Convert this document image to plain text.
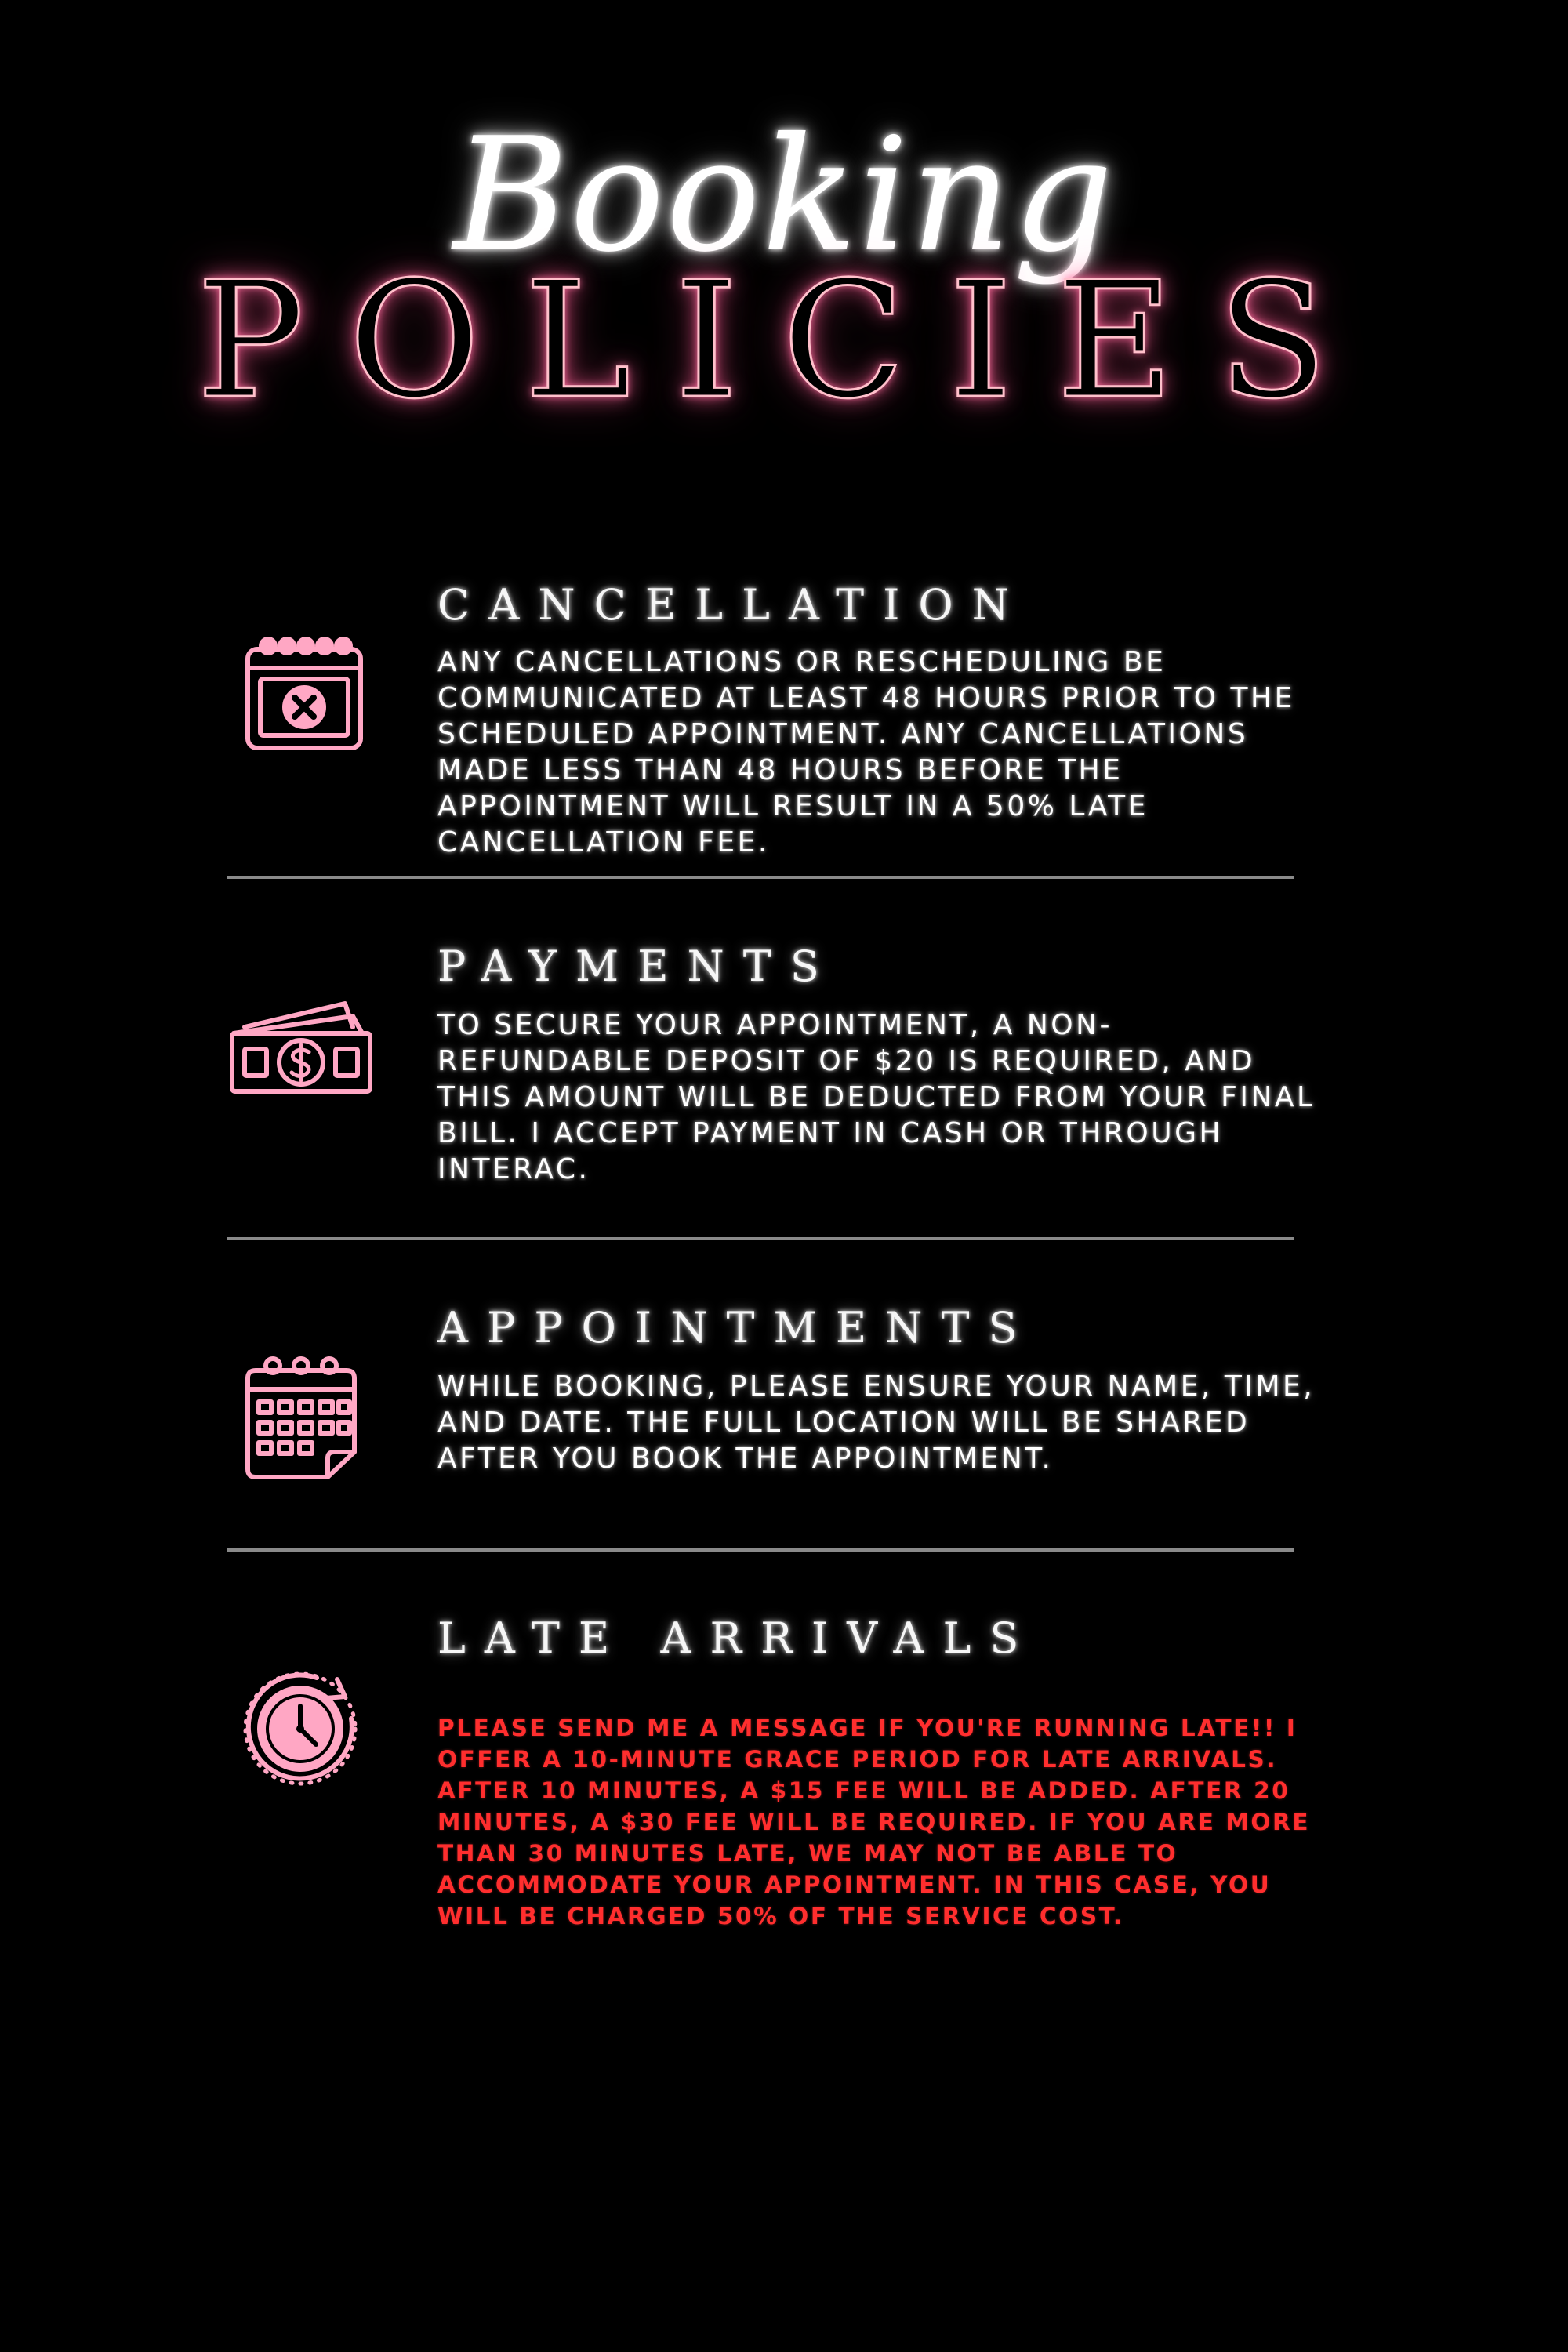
Booking
POLICIES
CANCELLATION
ANY CANCELLATIONS OR RESCHEDULING BE COMMUNICATED AT LEAST 48 HOURS PRIOR TO THE SCHEDULED APPOINTMENT. ANY CANCELLATIONS MADE LESS THAN 48 HOURS BEFORE THE APPOINTMENT WILL RESULT IN A 50% LATE CANCELLATION FEE.
PAYMENTS
TO SECURE YOUR APPOINTMENT, A NON-REFUNDABLE DEPOSIT OF $20 IS REQUIRED, AND THIS AMOUNT WILL BE DEDUCTED FROM YOUR FINAL BILL. I ACCEPT PAYMENT IN CASH OR THROUGH INTERAC.
APPOINTMENTS
WHILE BOOKING, PLEASE ENSURE YOUR NAME, TIME, AND DATE. THE FULL LOCATION WILL BE SHARED AFTER YOU BOOK THE APPOINTMENT.
LATE ARRIVALS
PLEASE SEND ME A MESSAGE IF YOU'RE RUNNING LATE!! I OFFER A 10-MINUTE GRACE PERIOD FOR LATE ARRIVALS. AFTER 10 MINUTES, A $15 FEE WILL BE ADDED. AFTER 20 MINUTES, A $30 FEE WILL BE REQUIRED. IF YOU ARE MORE THAN 30 MINUTES LATE, WE MAY NOT BE ABLE TO ACCOMMODATE YOUR APPOINTMENT. IN THIS CASE, YOU WILL BE CHARGED 50% OF THE SERVICE COST.
